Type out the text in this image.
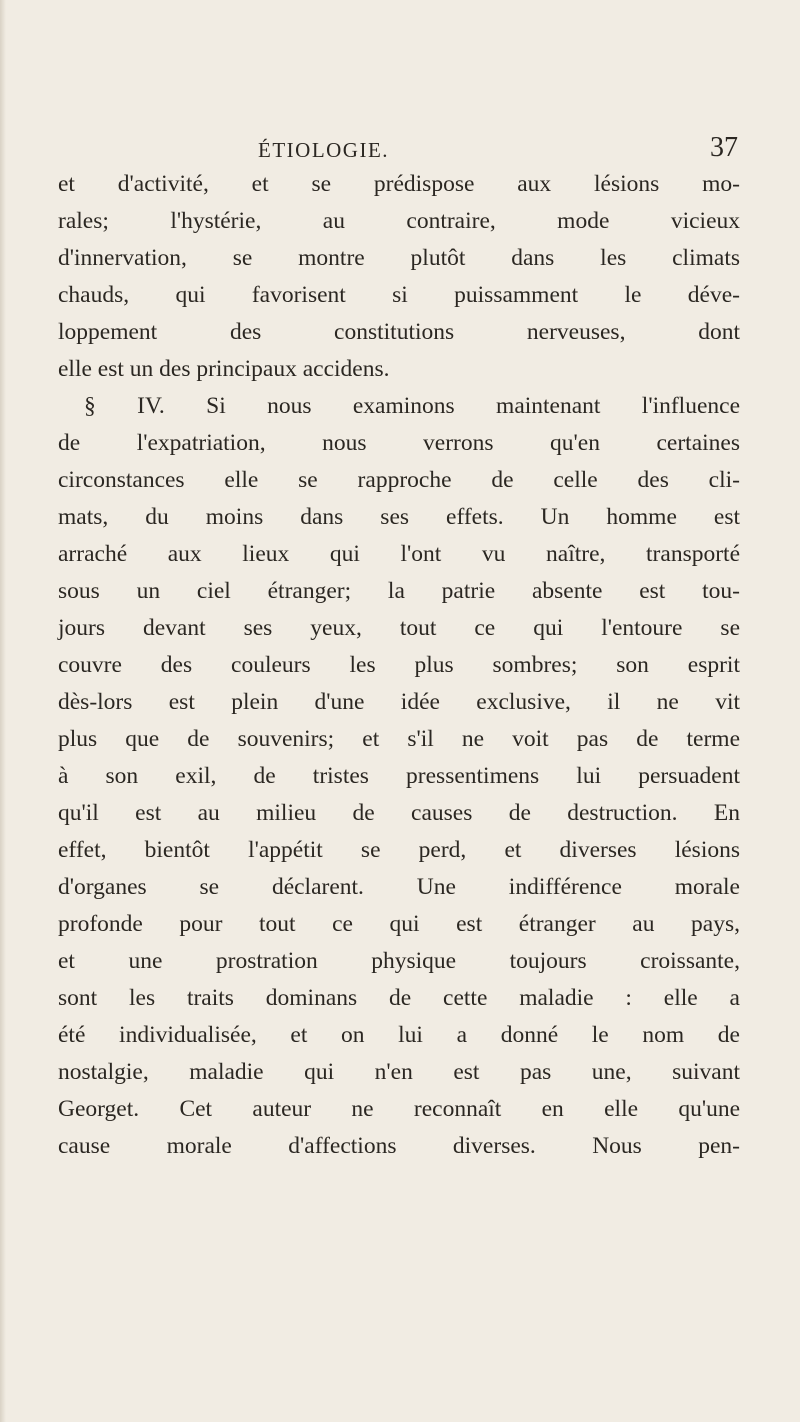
ÉTIOLOGIE.	37
et d'activité, et se prédispose aux lésions mo-
rales; l'hystérie, au contraire, mode vicieux
d'innervation, se montre plutôt dans les climats
chauds, qui favorisent si puissamment le déve-
loppement des constitutions nerveuses, dont
elle est un des principaux accidens.
§ IV. Si nous examinons maintenant l'influence
de l'expatriation, nous verrons qu'en certaines
circonstances elle se rapproche de celle des cli-
mats, du moins dans ses effets. Un homme est
arraché aux lieux qui l'ont vu naître, transporté
sous un ciel étranger; la patrie absente est tou-
jours devant ses yeux, tout ce qui l'entoure se
couvre des couleurs les plus sombres; son esprit
dès-lors est plein d'une idée exclusive, il ne vit
plus que de souvenirs; et s'il ne voit pas de terme
à son exil, de tristes pressentimens lui persuadent
qu'il est au milieu de causes de destruction. En
effet, bientôt l'appétit se perd, et diverses lésions
d'organes se déclarent. Une indifférence morale
profonde pour tout ce qui est étranger au pays,
et une prostration physique toujours croissante,
sont les traits dominans de cette maladie : elle a
été individualisée, et on lui a donné le nom de
nostalgie, maladie qui n'en est pas une, suivant
Georget. Cet auteur ne reconnaît en elle qu'une
cause morale d'affections diverses. Nous pen-
